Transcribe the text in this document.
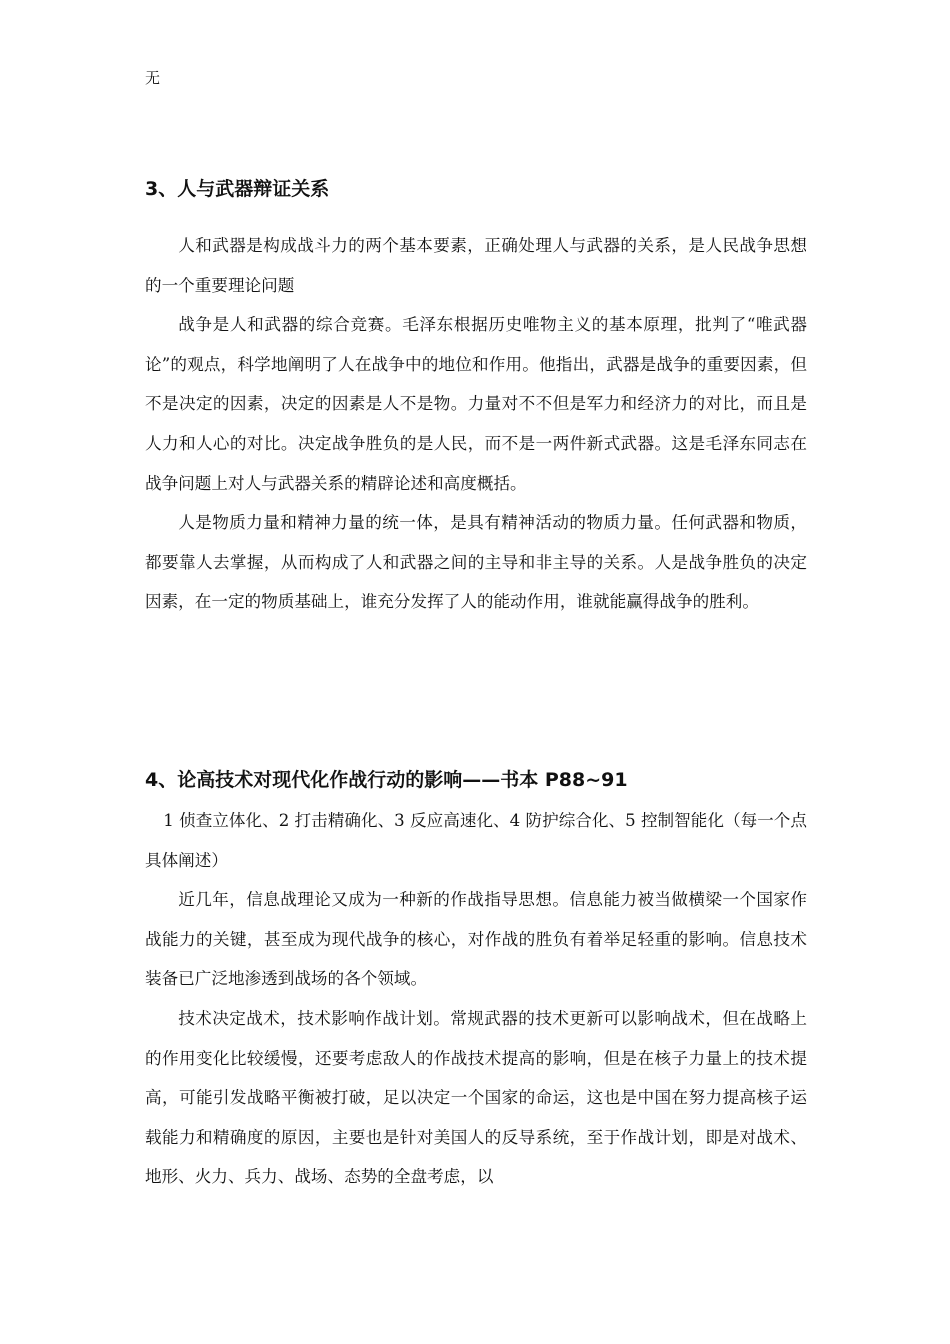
无
3、人与武器辩证关系

人和武器是构成战斗力的两个基本要素，正确处理人与武器的关系，是人民战争思想的一个重要理论问题

战争是人和武器的综合竞赛。毛泽东根据历史唯物主义的基本原理，批判了“唯武器论”的观点，科学地阐明了人在战争中的地位和作用。他指出，武器是战争的重要因素，但不是决定的因素，决定的因素是人不是物。力量对不不但是军力和经济力的对比，而且是人力和人心的对比。决定战争胜负的是人民，而不是一两件新式武器。这是毛泽东同志在战争问题上对人与武器关系的精辟论述和高度概括。

人是物质力量和精神力量的统一体，是具有精神活动的物质力量。任何武器和物质，都要靠人去掌握，从而构成了人和武器之间的主导和非主导的关系。人是战争胜负的决定因素，在一定的物质基础上，谁充分发挥了人的能动作用，谁就能赢得战争的胜利。

4、论高技术对现代化作战行动的影响——书本 P88~91

1 侦查立体化、2 打击精确化、3 反应高速化、4 防护综合化、5 控制智能化（每一个点具体阐述）

近几年，信息战理论又成为一种新的作战指导思想。信息能力被当做横梁一个国家作战能力的关键，甚至成为现代战争的核心，对作战的胜负有着举足轻重的影响。信息技术装备已广泛地渗透到战场的各个领域。

技术决定战术，技术影响作战计划。常规武器的技术更新可以影响战术，但在战略上的作用变化比较缓慢，还要考虑敌人的作战技术提高的影响，但是在核子力量上的技术提高，可能引发战略平衡被打破，足以决定一个国家的命运，这也是中国在努力提高核子运载能力和精确度的原因，主要也是针对美国人的反导系统，至于作战计划，即是对战术、地形、火力、兵力、战场、态势的全盘考虑，以
